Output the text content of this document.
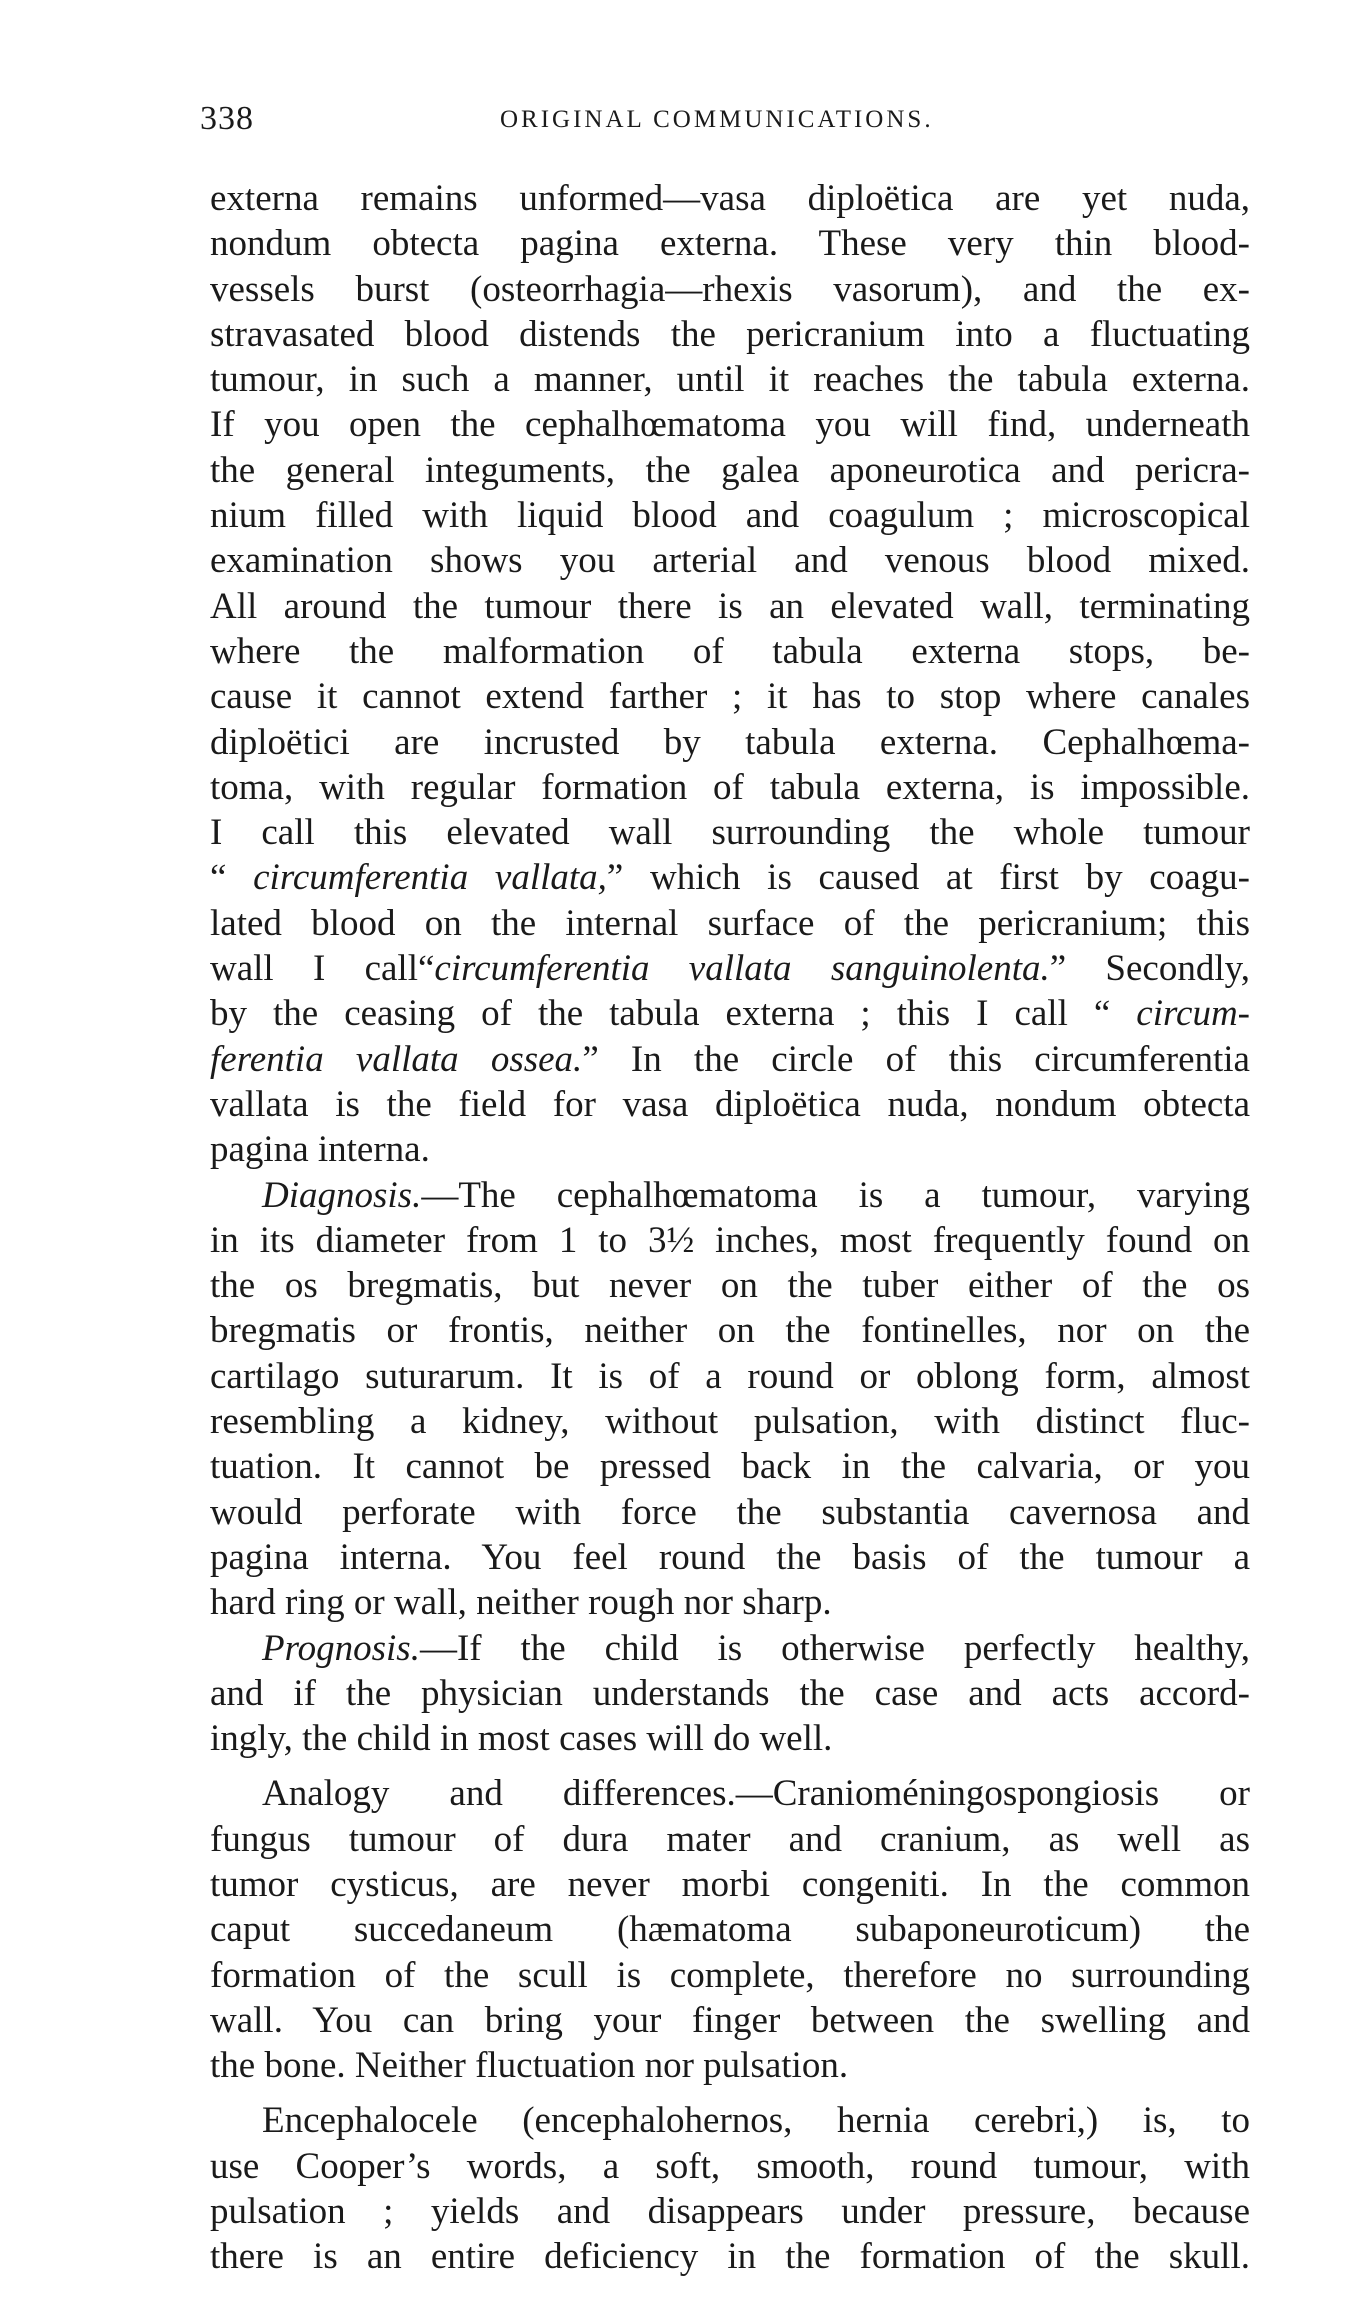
338	ORIGINAL COMMUNICATIONS.
externa remains unformed—vasa diploëtica are yet nuda,
nondum obtecta pagina externa. These very thin blood-
vessels burst (osteorrhagia—rhexis vasorum), and the ex-
stravasated blood distends the pericranium into a fluctuating
tumour, in such a manner, until it reaches the tabula externa.
If you open the cephalhœmatoma you will find, underneath
the general integuments, the galea aponeurotica and pericra-
nium filled with liquid blood and coagulum ; microscopical
examination shows you arterial and venous blood mixed.
All around the tumour there is an elevated wall, terminating
where the malformation of tabula externa stops, be-
cause it cannot extend farther ; it has to stop where canales
diploëtici are incrusted by tabula externa. Cephalhœma-
toma, with regular formation of tabula externa, is impossible.
I call this elevated wall surrounding the whole tumour
“ circumferentia vallata,” which is caused at first by coagu-
lated blood on the internal surface of the pericranium; this
wall I call“circumferentia vallata sanguinolenta.” Secondly,
by the ceasing of the tabula externa ; this I call “ circum-
ferentia vallata ossea.” In the circle of this circumferentia
vallata is the field for vasa diploëtica nuda, nondum obtecta
pagina interna.
Diagnosis.—The cephalhœmatoma is a tumour, varying
in its diameter from 1 to 3½ inches, most frequently found on
the os bregmatis, but never on the tuber either of the os
bregmatis or frontis, neither on the fontinelles, nor on the
cartilago suturarum. It is of a round or oblong form, almost
resembling a kidney, without pulsation, with distinct fluc-
tuation. It cannot be pressed back in the calvaria, or you
would perforate with force the substantia cavernosa and
pagina interna. You feel round the basis of the tumour a
hard ring or wall, neither rough nor sharp.
Prognosis.—If the child is otherwise perfectly healthy,
and if the physician understands the case and acts accord-
ingly, the child in most cases will do well.
Analogy and differences.—Cranioméningospongiosis or
fungus tumour of dura mater and cranium, as well as
tumor cysticus, are never morbi congeniti. In the common
caput succedaneum (hæmatoma subaponeuroticum) the
formation of the scull is complete, therefore no surrounding
wall. You can bring your finger between the swelling and
the bone. Neither fluctuation nor pulsation.
Encephalocele (encephalohernos, hernia cerebri,) is, to
use Cooper’s words, a soft, smooth, round tumour, with
pulsation ; yields and disappears under pressure, because
there is an entire deficiency in the formation of the skull.
